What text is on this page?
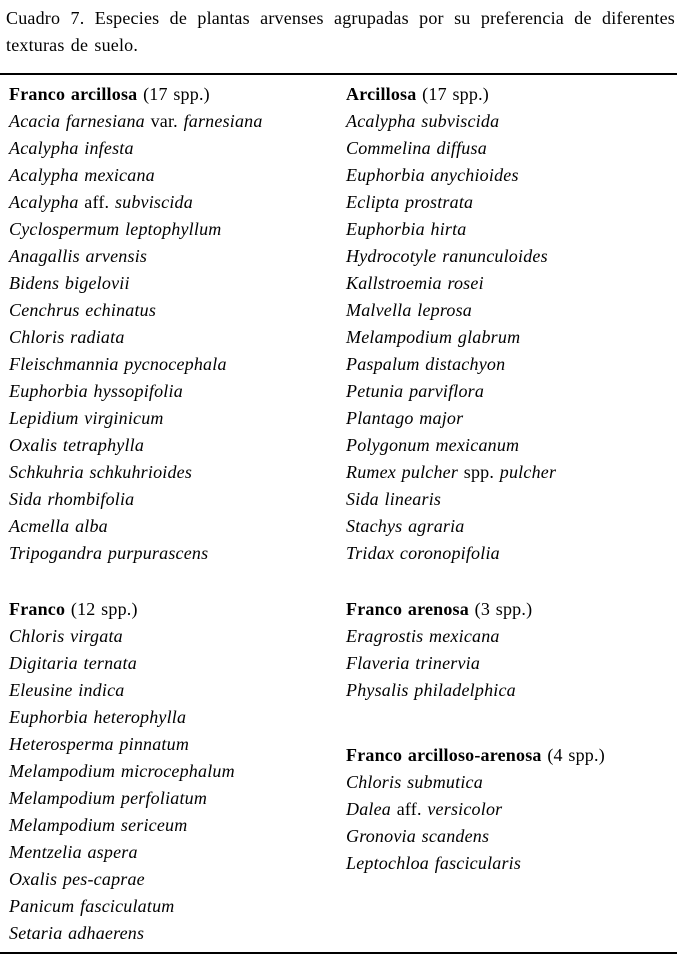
Cuadro 7. Especies de plantas arvenses agrupadas por su preferencia de diferentes texturas de suelo.

Franco arcillosa (17 spp.)

Acacia farnesiana var. farnesiana

Acalypha infesta

Acalypha mexicana

Acalypha aff. subviscida

Cyclospermum leptophyllum

Anagallis arvensis

Bidens bigelovii

Cenchrus echinatus

Chloris radiata

Fleischmannia pycnocephala

Euphorbia hyssopifolia

Lepidium virginicum

Oxalis tetraphylla

Schkuhria schkuhrioides

Sida rhombifolia

Acmella alba

Tripogandra purpurascens

Franco (12 spp.)

Chloris virgata

Digitaria ternata

Eleusine indica

Euphorbia heterophylla

Heterosperma pinnatum

Melampodium microcephalum

Melampodium perfoliatum

Melampodium sericeum

Mentzelia aspera

Oxalis pes-caprae

Panicum fasciculatum

Setaria adhaerens

Arcillosa (17 spp.)

Acalypha subviscida

Commelina diffusa

Euphorbia anychioides

Eclipta prostrata

Euphorbia hirta

Hydrocotyle ranunculoides

Kallstroemia rosei

Malvella leprosa

Melampodium glabrum

Paspalum distachyon

Petunia parviflora

Plantago major

Polygonum mexicanum

Rumex pulcher spp. pulcher

Sida linearis

Stachys agraria

Tridax coronopifolia

Franco arenosa (3 spp.)

Eragrostis mexicana

Flaveria trinervia

Physalis philadelphica

Franco arcilloso-arenosa (4 spp.)

Chloris submutica

Dalea aff. versicolor

Gronovia scandens

Leptochloa fascicularis
